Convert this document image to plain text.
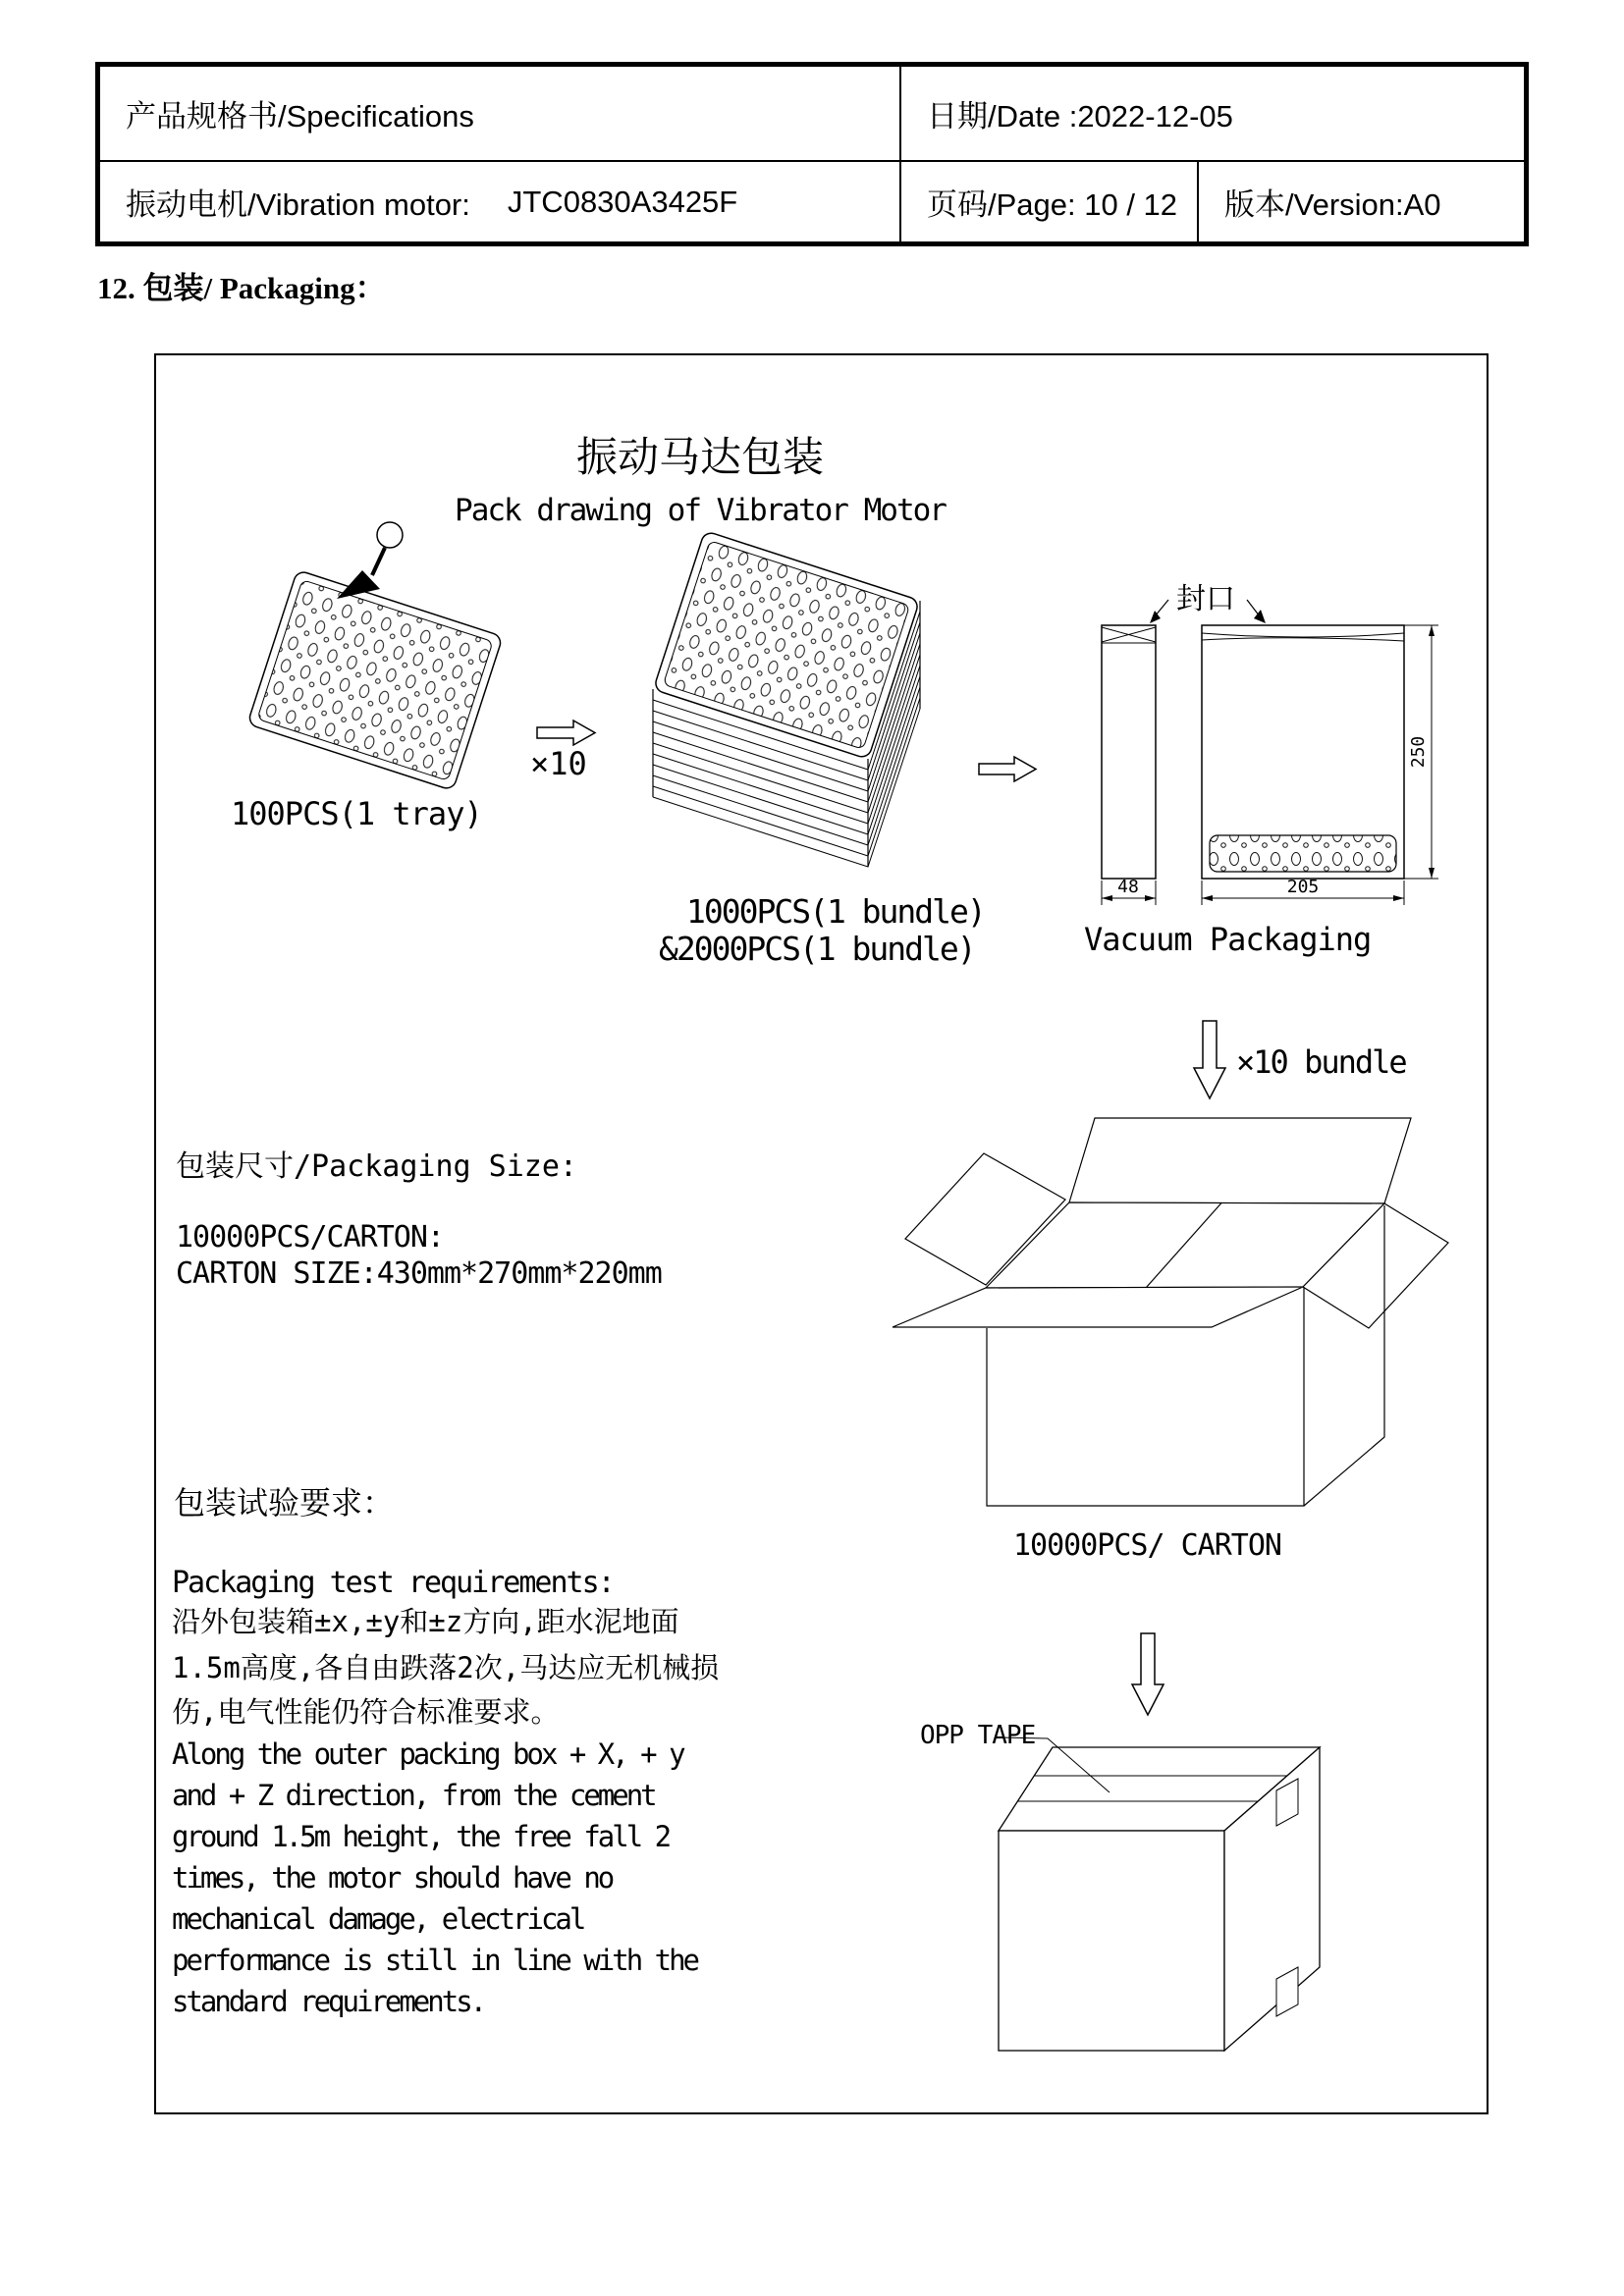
产品规格书/Specifications	日期/Date :2022-12-05
振动电机/Vibration motor: JTC0830A3425F	页码/Page: 10 / 12 版本/Version:A0
12. 包装/ Packaging：
振动马达包装
Pack drawing of Vibrator Motor
100PCS(1 tray)
×10
1000PCS(1 bundle)
&2000PCS(1 bundle)
封口
48	205
250
Vacuum Packaging
×10 bundle
包装尺寸/Packaging Size:
10000PCS/CARTON:
CARTON SIZE:430mm*270mm*220mm
10000PCS/ CARTON
包装试验要求：
Packaging test requirements:
沿外包装箱±x,±y和±z方向,距水泥地面
1.5m高度,各自由跌落2次,马达应无机械损
伤,电气性能仍符合标准要求。
Along the outer packing box + X, + y
and + Z direction, from the cement
ground 1.5m height, the free fall 2
times, the motor should have no
mechanical damage, electrical
performance is still in line with the
standard requirements.
OPP TAPE
